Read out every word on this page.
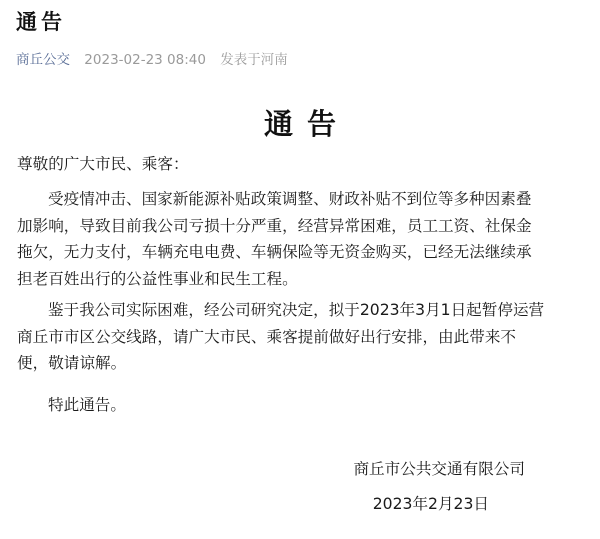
通告
商丘公交 2023-02-23 08:40 发表于河南
通告
尊敬的广大市民、乘客：
受疫情冲击、国家新能源补贴政策调整、财政补贴不到位等多种因素叠
加影响，导致目前我公司亏损十分严重，经营异常困难，员工工资、社保金
拖欠，无力支付，车辆充电电费、车辆保险等无资金购买，已经无法继续承
担老百姓出行的公益性事业和民生工程。
鉴于我公司实际困难，经公司研究决定，拟于2023年3月1日起暂停运营
商丘市市区公交线路，请广大市民、乘客提前做好出行安排，由此带来不
便，敬请谅解。
特此通告。
商丘市公共交通有限公司
2023年2月23日
